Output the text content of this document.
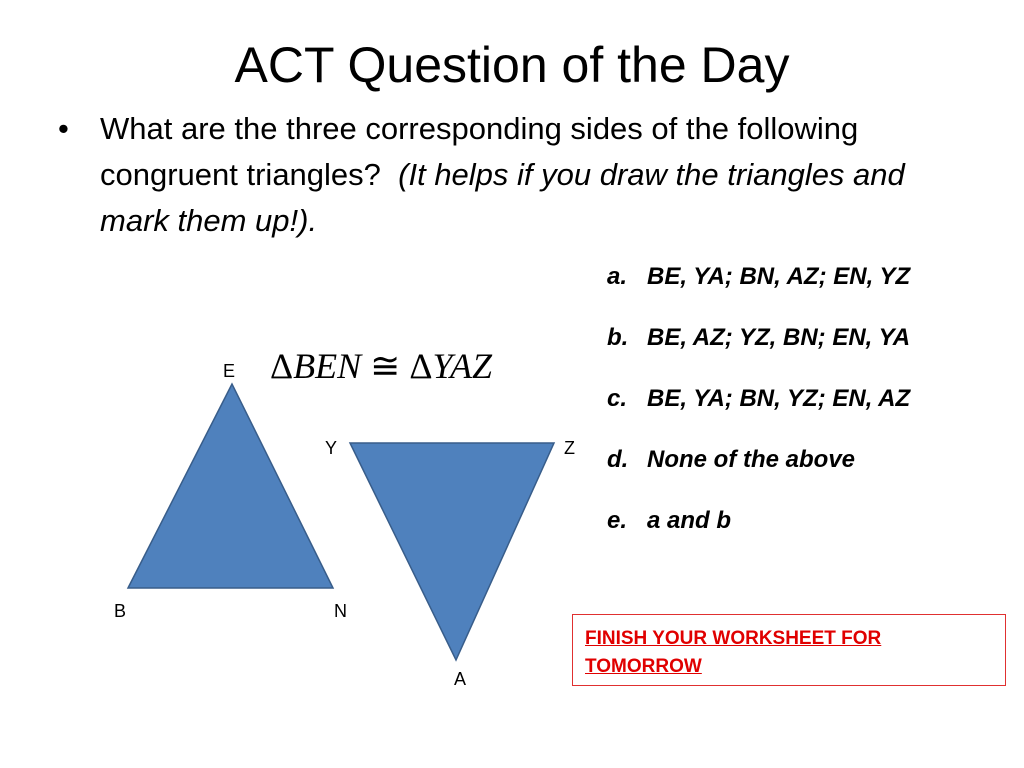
ACT Question of the Day
• What are the three corresponding sides of the following congruent triangles? (It helps if you draw the triangles and mark them up!).
a. BE, YA; BN, AZ; EN, YZ
b. BE, AZ; YZ, BN; EN, YA
c. BE, YA; BN, YZ; EN, AZ
d. None of the above
e. a and b
ΔBEN ≅ ΔYAZ
E
B	N
Y	Z
A
FINISH YOUR WORKSHEET FOR TOMORROW
